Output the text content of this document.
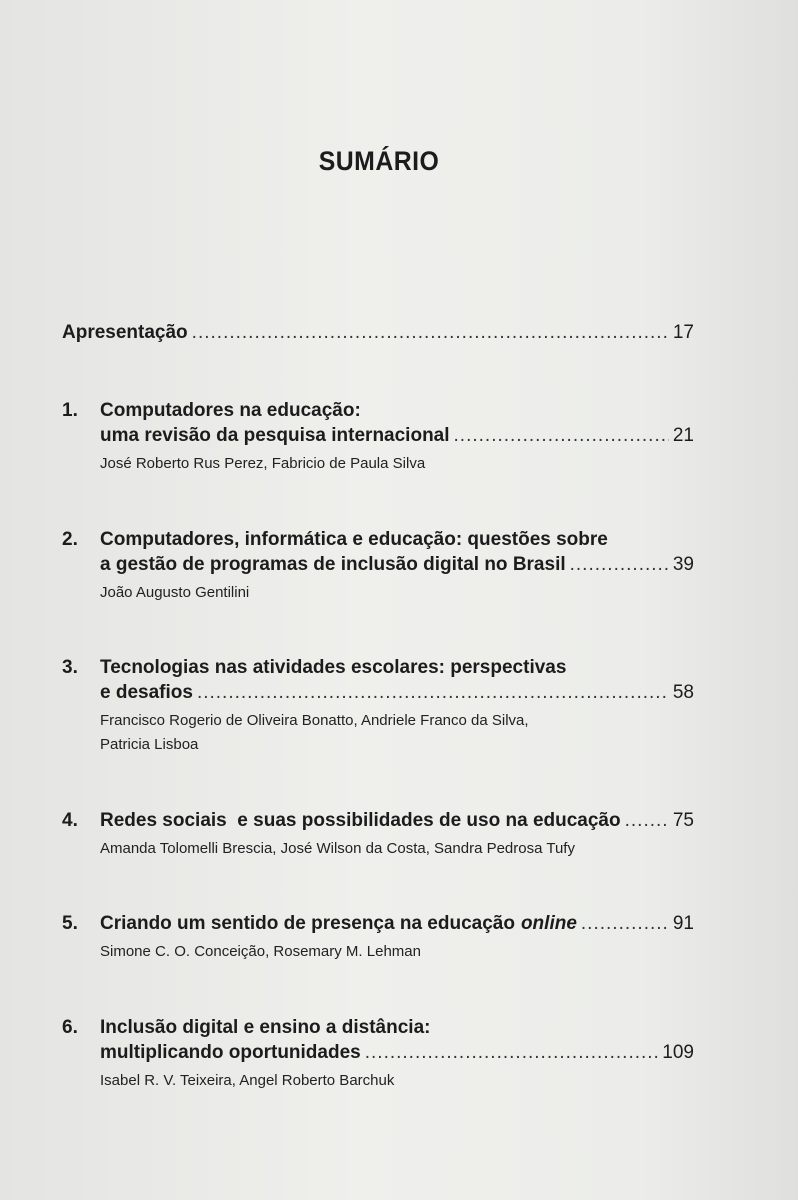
SUMÁRIO
Apresentação .....	17
1.	Computadores na educação:
uma revisão da pesquisa internacional .....	21
José Roberto Rus Perez, Fabricio de Paula Silva
2.	Computadores, informática e educação: questões sobre
a gestão de programas de inclusão digital no Brasil .....	39
João Augusto Gentilini
3.	Tecnologias nas atividades escolares: perspectivas
e desafios .....	58
Francisco Rogerio de Oliveira Bonatto, Andriele Franco da Silva,
Patricia Lisboa
4.	Redes sociais  e suas possibilidades de uso na educação .....	75
Amanda Tolomelli Brescia, José Wilson da Costa, Sandra Pedrosa Tufy
5.	Criando um sentido de presença na educação online .....	91
Simone C. O. Conceição, Rosemary M. Lehman
6.	Inclusão digital e ensino a distância:
multiplicando oportunidades .....	109
Isabel R. V. Teixeira, Angel Roberto Barchuk
